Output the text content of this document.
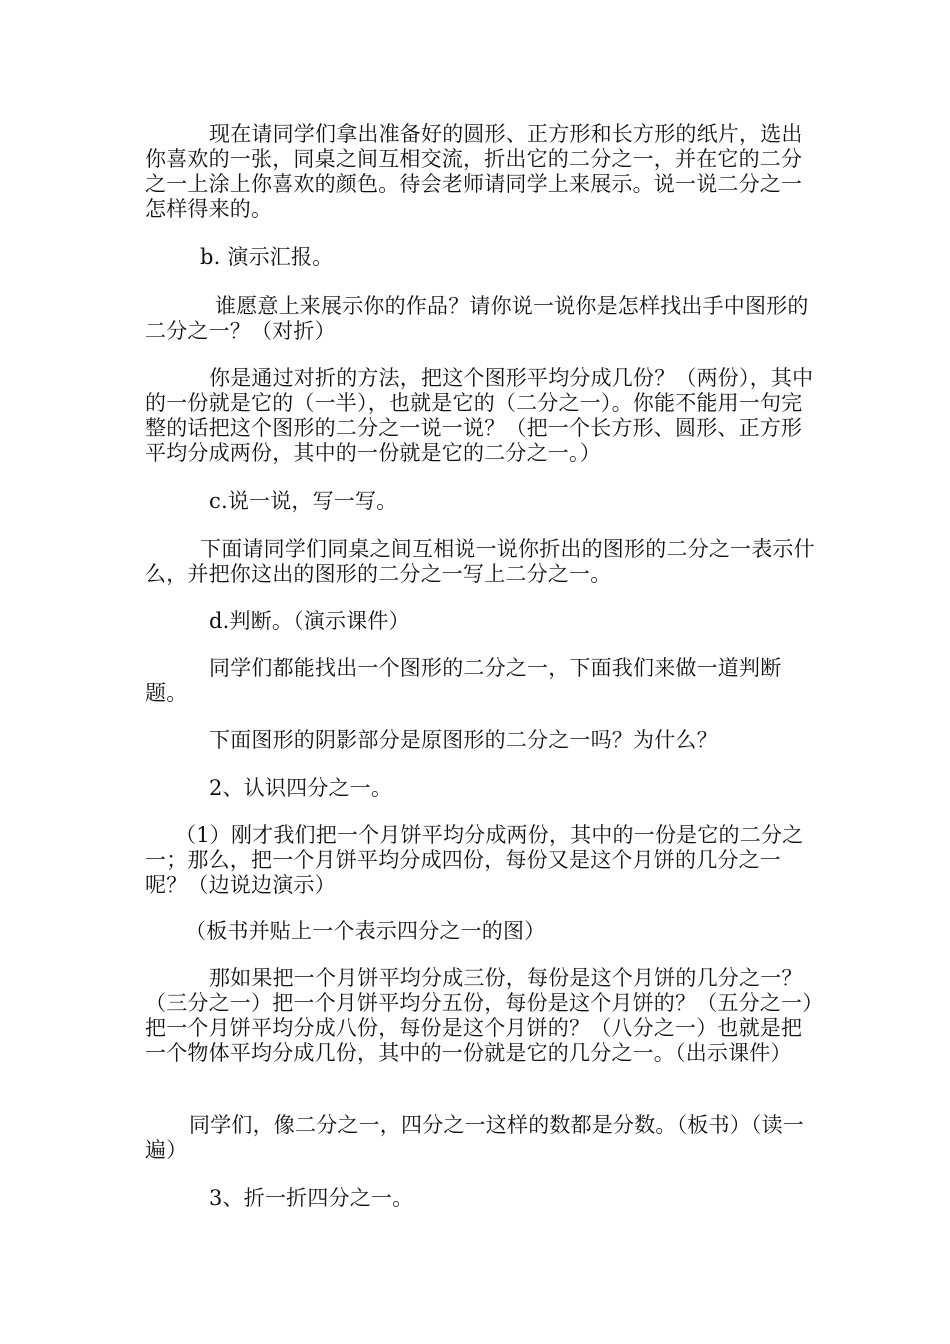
现在请同学们拿出准备好的圆形、正方形和长方形的纸片，选出你喜欢的一张，同桌之间互相交流，折出它的二分之一，并在它的二分之一上涂上你喜欢的颜色。待会老师请同学上来展示。说一说二分之一怎样得来的。

b. 演示汇报。

谁愿意上来展示你的作品？请你说一说你是怎样找出手中图形的二分之一？（对折）

你是通过对折的方法，把这个图形平均分成几份？（两份），其中的一份就是它的（一半），也就是它的（二分之一）。你能不能用一句完整的话把这个图形的二分之一说一说？（把一个长方形、圆形、正方形平均分成两份，其中的一份就是它的二分之一。）

c.说一说，写一写。

下面请同学们同桌之间互相说一说你折出的图形的二分之一表示什么，并把你这出的图形的二分之一写上二分之一。

d.判断。（演示课件）

同学们都能找出一个图形的二分之一，下面我们来做一道判断题。

下面图形的阴影部分是原图形的二分之一吗？为什么？

2、认识四分之一。

（1）刚才我们把一个月饼平均分成两份，其中的一份是它的二分之一；那么，把一个月饼平均分成四份，每份又是这个月饼的几分之一呢？（边说边演示）

（板书并贴上一个表示四分之一的图）

那如果把一个月饼平均分成三份，每份是这个月饼的几分之一？（三分之一）把一个月饼平均分五份，每份是这个月饼的？（五分之一）把一个月饼平均分成八份，每份是这个月饼的？（八分之一）也就是把一个物体平均分成几份，其中的一份就是它的几分之一。（出示课件）

同学们，像二分之一，四分之一这样的数都是分数。（板书）（读一遍）

3、折一折四分之一。
